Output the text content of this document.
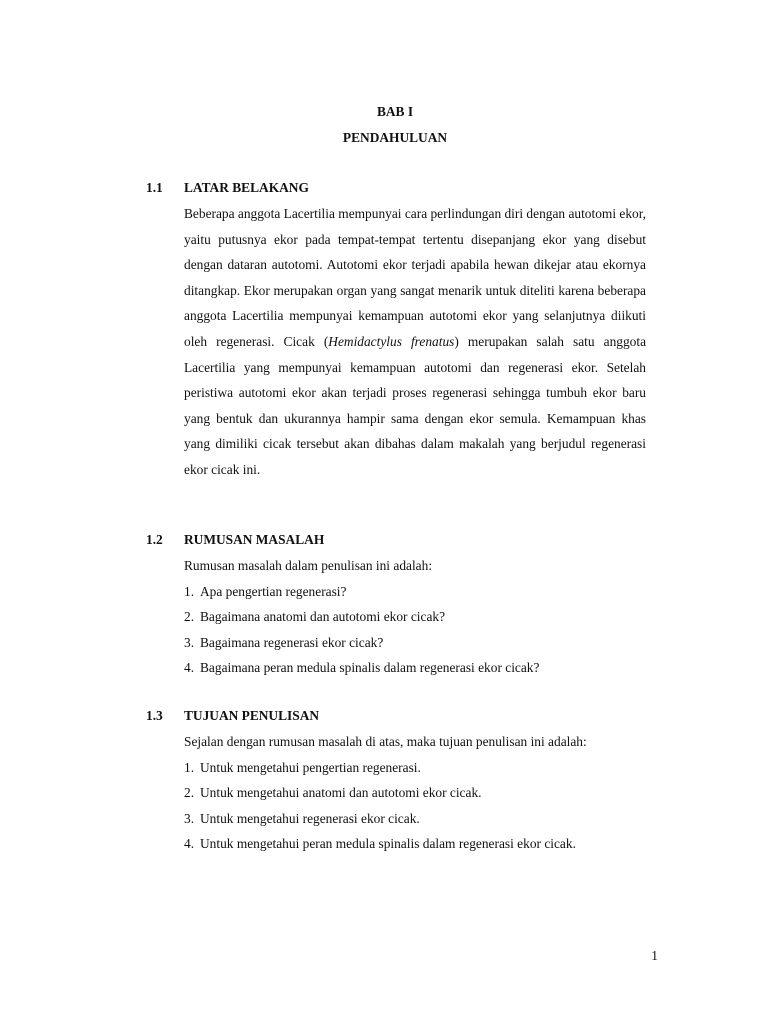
BAB I
PENDAHULUAN
1.1 LATAR BELAKANG

Beberapa anggota Lacertilia mempunyai cara perlindungan diri dengan autotomi ekor, yaitu putusnya ekor pada tempat-tempat tertentu disepanjang ekor yang disebut dengan dataran autotomi. Autotomi ekor terjadi apabila hewan dikejar atau ekornya ditangkap. Ekor merupakan organ yang sangat menarik untuk diteliti karena beberapa anggota Lacertilia mempunyai kemampuan autotomi ekor yang selanjutnya diikuti oleh regenerasi. Cicak (Hemidactylus frenatus) merupakan salah satu anggota Lacertilia yang mempunyai kemampuan autotomi dan regenerasi ekor. Setelah peristiwa autotomi ekor akan terjadi proses regenerasi sehingga tumbuh ekor baru yang bentuk dan ukurannya hampir sama dengan ekor semula. Kemampuan khas yang dimiliki cicak tersebut akan dibahas dalam makalah yang berjudul regenerasi ekor cicak ini.

1.2 RUMUSAN MASALAH
Rumusan masalah dalam penulisan ini adalah:
1. Apa pengertian regenerasi?
2. Bagaimana anatomi dan autotomi ekor cicak?
3. Bagaimana regenerasi ekor cicak?
4. Bagaimana peran medula spinalis dalam regenerasi ekor cicak?
1.3 TUJUAN PENULISAN
Sejalan dengan rumusan masalah di atas, maka tujuan penulisan ini adalah:
1. Untuk mengetahui pengertian regenerasi.
2. Untuk mengetahui anatomi dan autotomi ekor cicak.
3. Untuk mengetahui regenerasi ekor cicak.
4. Untuk mengetahui peran medula spinalis dalam regenerasi ekor cicak.
1
